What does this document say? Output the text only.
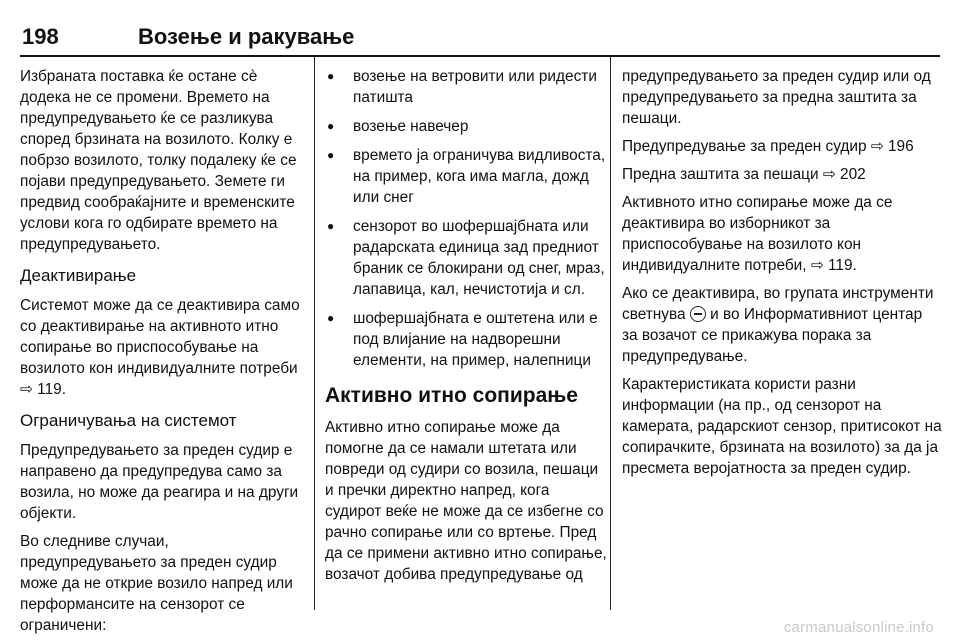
198	Возење и ракување

Избраната поставка ќе остане сè додека не се промени. Времето на предупредувањето ќе се разликува според брзината на возилото. Колку е побрзо возилото, толку подалеку ќе се појави предупредувањето. Земете ги предвид сообраќајните и временските услови кога го одбирате времето на предупредувањето.

Деактивирање

Системот може да се деактивира само со деактивирање на активното итно сопирање во приспособувањe на возилото кон индивидуалните потреби ⇨ 119.

Ограничувања на системот

Предупредувањето за преден судир е направено да предупредува само за возила, но може да реагира и на други објекти.

Во следниве случаи, предупредувањето за преден судир може да не открие возило напред или перформансите на сензорот се ограничени:

● возење на ветровити или ридести патишта
● возење навечер
● времето ја ограничува видливоста, на пример, кога има магла, дожд или снег
● сензорот во шофершајбната или радарската единица зад предниот браник се блокирани од снег, мраз, лапавица, кал, нечистотија и сл.
● шофершајбната е оштетена или е под влијание на надворешни елементи, на пример, налепници
Активно итно сопирање

Активно итно сопирање може да помогне да се намали штетата или повреди од судири со возила, пешаци и пречки директно напред, кога судирот веќе не може да се избегне со рачно сопирање или со вртење. Пред да се примени активно итно сопирање, возачот добива предупредување од

предупредувањето за преден судир или од предупредувањето за предна заштита за пешаци.

Предупредување за преден судир ⇨ 196

Предна заштита за пешаци ⇨ 202

Активното итно сопирање може да се деактивира во изборникот за приспособувањe на возилото кон индивидуалните потреби, ⇨ 119.

Ако се деактивира, во групата инструменти светнува и во Информативниот центар за возачот се прикажува порака за предупредување.

Карактеристиката користи разни информации (на пр., од сензорот на камерата, радарскиот сензор, притисокот на сопирачките, брзината на возилото) за да ја пресмета веројатноста за преден судир.

carmanualsonline.info
